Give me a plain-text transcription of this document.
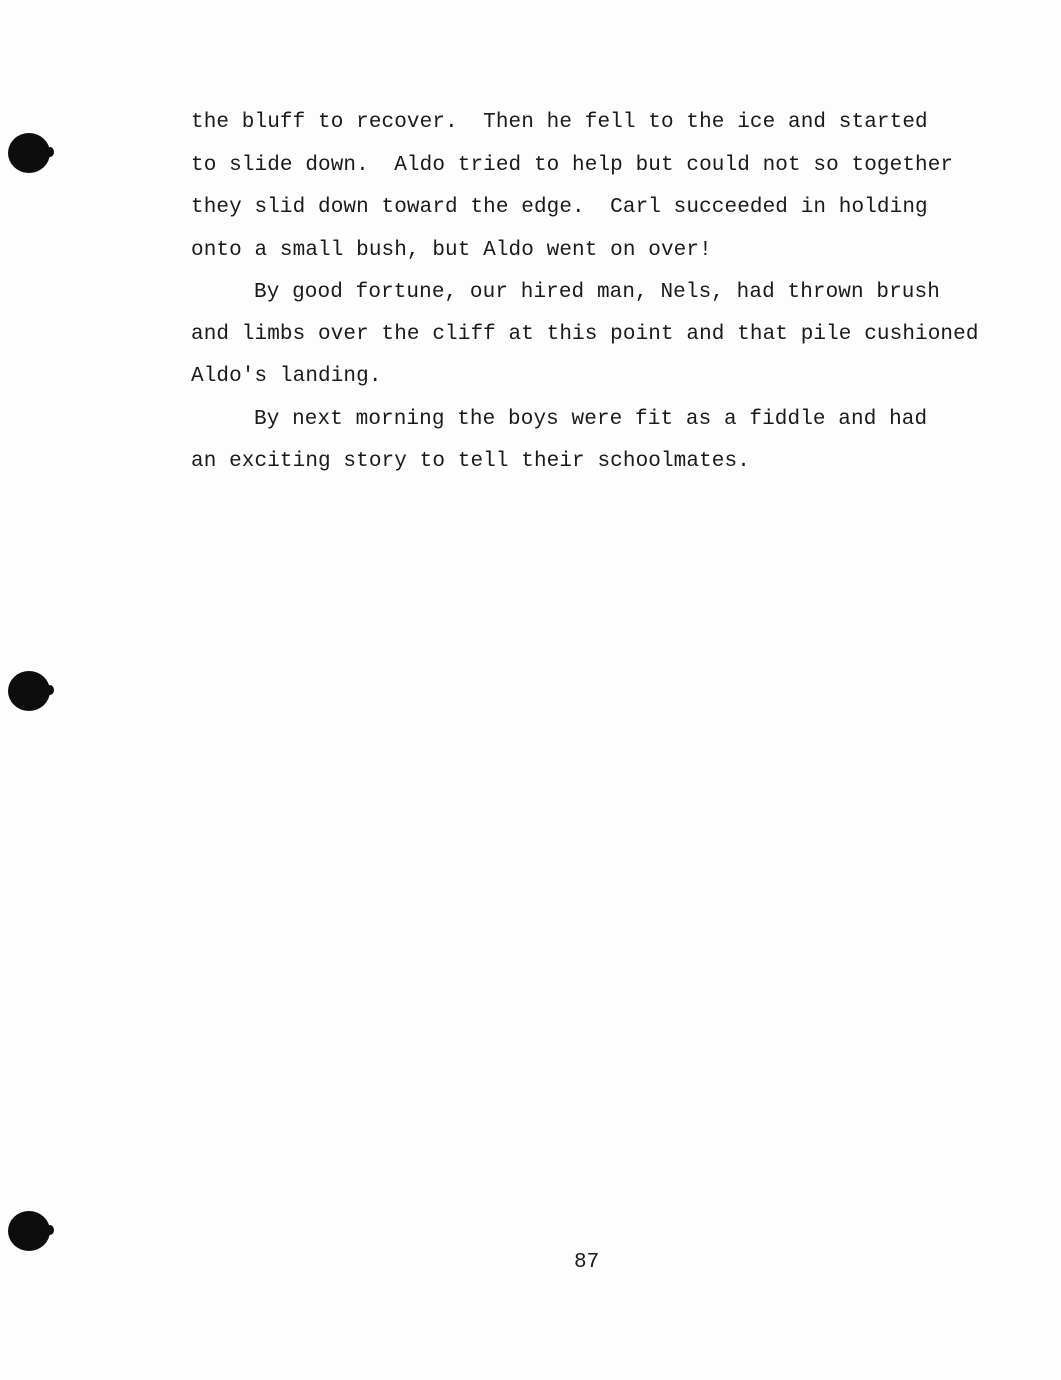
the bluff to recover.  Then he fell to the ice and started
to slide down.  Aldo tried to help but could not so together
they slid down toward the edge.  Carl succeeded in holding
onto a small bush, but Aldo went on over!
By good fortune, our hired man, Nels, had thrown brush
and limbs over the cliff at this point and that pile cushioned
Aldo's landing.
By next morning the boys were fit as a fiddle and had
an exciting story to tell their schoolmates.
87
